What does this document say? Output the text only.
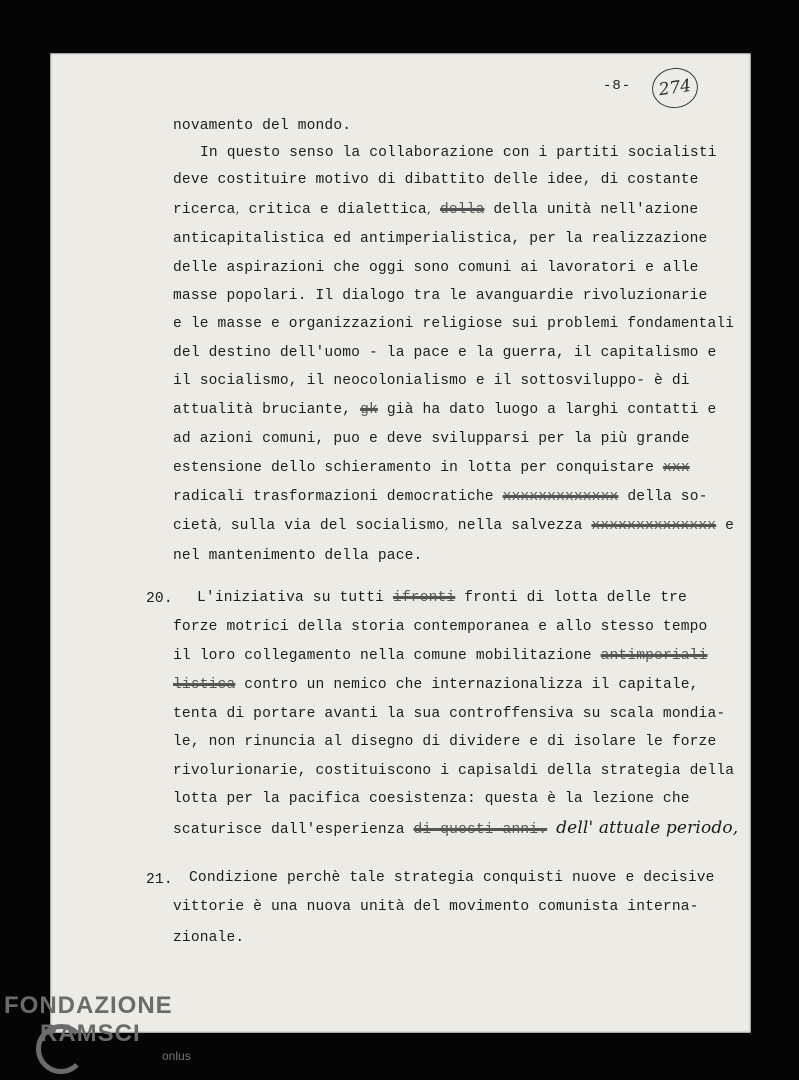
-8-	274
novamento del mondo.
In questo senso la collaborazione con i partiti socialisti
deve costituire motivo di dibattito delle idee, di costante
ricerca, critica e dialettica, della della unità nell'azione
anticapitalistica ed antimperialistica, per la realizzazione
delle aspirazioni che oggi sono comuni ai lavoratori e alle
masse popolari. Il dialogo tra le avanguardie rivoluzionarie
e le masse e organizzazioni religiose sui problemi fondamentali
del destino dell'uomo - la pace e la guerra, il capitalismo e
il socialismo, il neocolonialismo e il sottosviluppo- è di
attualità bruciante, gk già ha dato luogo a larghi contatti e
ad azioni comuni, puo e deve svilupparsi per la più grande
estensione dello schieramento in lotta per conquistare xxx
radicali trasformazioni democratiche xxxxxxxxxxxxx della so-
cietà, sulla via del socialismo, nella salvezza xxxxxxxxxxxxxx e
nel mantenimento della pace.
20. L'iniziativa su tutti ifronti fronti di lotta delle tre
forze motrici della storia contemporanea e allo stesso tempo
il loro collegamento nella comune mobilitazione antimperiali
listica contro un nemico che internazionalizza il capitale,
tenta di portare avanti la sua controffensiva su scala mondia-
le, non rinuncia al disegno di dividere e di isolare le forze
rivolurionarie, costituiscono i capisaldi della strategia della
lotta per la pacifica coesistenza: questa è la lezione che
scaturisce dall'esperienza di questi anni. dell' attuale periodo,
21. Condizione perchè tale strategia conquisti nuove e decisive
vittorie è una nuova unità del movimento comunista interna-
zionale.
FONDAZIONE
RAMSCI
onlus
